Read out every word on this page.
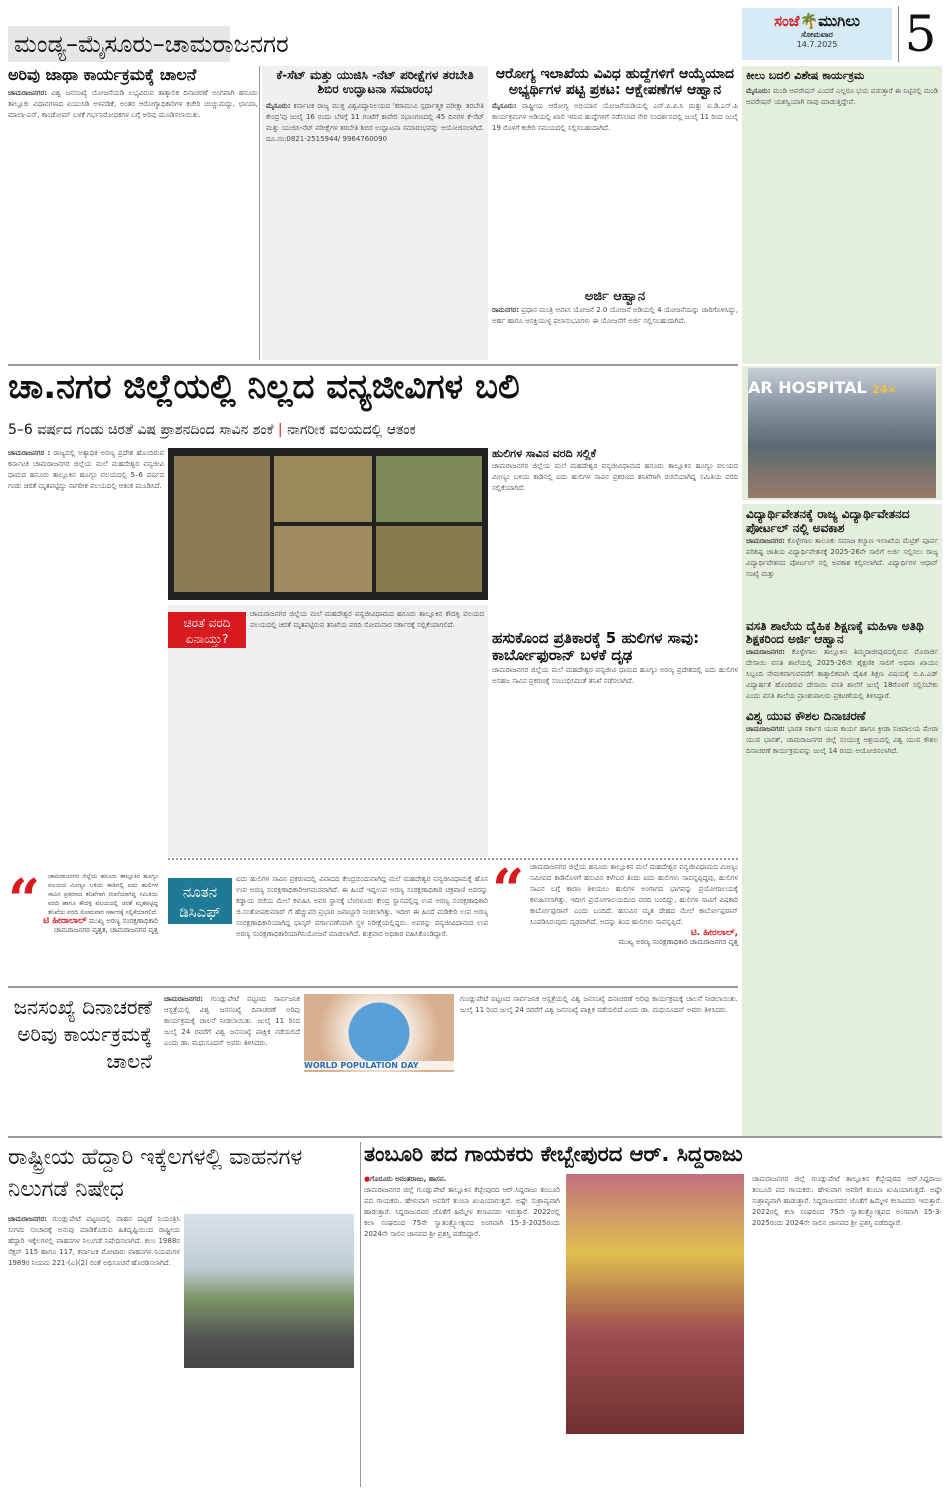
ಮಂಡ್ಯ–ಮೈಸೂರು–ಚಾಮರಾಜನಗರ
ಸಂಜೆ🌴ಮುಗಿಲು
ಸೋಮವಾರ
14.7.2025	5
ಅರಿವು ಜಾಥಾ ಕಾರ್ಯಕ್ರಮಕ್ಕೆ ಚಾಲನೆ
ಚಾಮರಾಜನಗರ: ವಿಶ್ವ ಜನಸಂಖ್ಯೆ ಯೋಜನೆಯಡಿ ಲಭ್ಯವಿರುವ ತಾತ್ಕಾಲಿಕ ದಿನಾಚರಣೆ ಅಂಗವಾಗಿ ಹನೂರು ತಾಲ್ಲೂಕು ವಿಧಾನಗಳಾದ ಐಯುಸಿಡಿ ಅಳವಡಿಕೆ, ಅಂತರ ಆರೋಗ್ಯಾಧಿಕಾರಿಗಳ ಕಚೇರಿ ಚುಚ್ಚುಮದ್ದು, ಛಾಯಾ, ಮಾಲಾ-ಎನ್, ಕಾಂಡೋಮ್ ಬಳಕೆ ಗರ್ಭನಿರೋಧಕಗಳ ಬಗ್ಗೆ ಅರಿವು ಮೂಡಿಸಲಾಯಿತು.
ಕೆ-ಸೆಟ್ ಮತ್ತು ಯುಜಿಸಿ -ನೆಟ್ ಪರೀಕ್ಷೆಗಳ ತರಬೇತಿ ಶಿಬಿರ ಉದ್ಘಾಟನಾ ಸಮಾರಂಭ
ಮೈಸೂರು: ಕರ್ನಾಟಕ ರಾಜ್ಯ ಮುಕ್ತ ವಿಶ್ವವಿದ್ಯಾನಿಲಯದ 'ಕರಾಮುವಿ ಸ್ಪರ್ಧಾತ್ಮಕ ಪರೀಕ್ಷಾ ತರಬೇತಿ ಕೇಂದ್ರ'ವು ಜುಲೈ 16 ರಂದು ಬೆಳಗ್ಗೆ 11 ಗಂಟೆಗೆ ಕಾವೇರಿ ಸಭಾಂಗಣದಲ್ಲಿ 45 ದಿನಗಳ ಕೆ-ಸೆಟ್ ಮತ್ತು ಯುಜಿಸಿ-ನೆಟ್ ಪರೀಕ್ಷೆಗಳ ತರಬೇತಿ ಶಿಬಿರ ಉದ್ಘಾಟನಾ ಸಮಾರಂಭವನ್ನು ಆಯೋಜಿಸಲಾಗಿದೆ. ದೂ.ಸಂ:0821-2515944/ 9964760090
ಆರೋಗ್ಯ ಇಲಾಖೆಯ ವಿವಿಧ ಹುದ್ದೆಗಳಿಗೆ ಆಯ್ಕೆಯಾದ ಅಭ್ಯರ್ಥಿಗಳ ಪಟ್ಟಿ ಪ್ರಕಟ: ಆಕ್ಷೇಪಣೆಗಳ ಆಹ್ವಾನ
ಮೈಸೂರು: ರಾಷ್ಟ್ರೀಯ ಆರೋಗ್ಯ ಅಭಿಯಾನ ಯೋಜನೆಯಡಿಯಲ್ಲಿ ಎನ್.ಪಿ.ಪಿ.ಸಿ ಮತ್ತು ಐ.ಡಿ.ಎಸ್.ಪಿ ಕಾರ್ಯಕ್ರಮಗಳ ಅಡಿಯಲ್ಲಿ ಖಾಲಿ ಇರುವ ಹುದ್ದೆಗಳಿಗೆ ನಡೆಸಲಾದ ನೇರ ಸಂದರ್ಶನದಲ್ಲಿ ಜುಲೈ 11 ರಿಂದ ಜುಲೈ 19 ರೊಳಗೆ ಕಚೇರಿ ಸಮಯದಲ್ಲಿ ಸಲ್ಲಿಸಬಹುದಾಗಿದೆ.
ಅರ್ಜಿ ಆಹ್ವಾನ
ರಾಮನಗರ: ಪ್ರಧಾನ ಮಂತ್ರಿ ಆವಾಸ ಯೋಜನೆ 2.0 ಯೋಜನೆ ಅಡಿಯಲ್ಲಿ 4 ಯೋಜನೆಯನ್ನು ಜಾರಿಗೊಳಿಸಿದ್ದು, ಅರ್ಹ ಹಾಗೂ ಆಸಕ್ತಿಯುಳ್ಳ ಫಲಾನುಭವಿಗಳು ಈ ಯೋಜನೆಗೆ ಅರ್ಜಿ ಸಲ್ಲಿಸಬಹುದಾಗಿದೆ.
ಕೀಲು ಬದಲಿ ವಿಶೇಷ ಕಾರ್ಯಕ್ರಮ
ಮೈಸೂರು: ಮಂಡಿ ಆಪರೇಷನ್ ಎಂದರೆ ಎಲ್ಲರೂ ಭಯ ಪಡುತ್ತಾರೆ ಈ ನಿಟ್ಟಿನಲ್ಲಿ ಮಂಡಿ ಆಪರೇಷನ್ ಯಶಸ್ವಿಯಾಗಿ ನಾವು ಮಾಡುತ್ತಿದ್ದೇವೆ.
ಚಾ.ನಗರ ಜಿಲ್ಲೆಯಲ್ಲಿ ನಿಲ್ಲದ ವನ್ಯಜೀವಿಗಳ ಬಲಿ
5–6 ವರ್ಷದ ಗಂಡು ಚಿರತೆ ವಿಷ ಪ್ರಾಶನದಿಂದ ಸಾವಿನ ಶಂಕೆ | ನಾಗರೀಕ ವಲಯದಲ್ಲಿ ಆತಂಕ
AR HOSPITAL 24×
ಚಾಮರಾಜನಗರ : ರಾಜ್ಯದಲ್ಲಿ ಅತ್ಯಾಧಿಕ ಅರಣ್ಯ ಪ್ರದೇಶ ಹೊಂದಿರುವ ಕರ್ನಾಟಕ ಚಾಮರಾಜನಗರ ಜಿಲ್ಲೆಯ ಮಲೆ ಮಹದೇಶ್ವರ ವನ್ಯಜೀವಿ ಧಾಮದ ಹನೂರು ತಾಲ್ಲೂಕಿನ ಹೂಗ್ಯಂ ವಲಯದಲ್ಲಿ 5–6 ವರ್ಷದ ಗಂಡು ಚಿರತೆ ಮೃತಪಟ್ಟಿದ್ದು ನಾಗರೀಕ ವಲಯದಲ್ಲಿ ಆತಂಕ ಮೂಡಿಸಿದೆ.
ಚಿರತೆ ವರದಿ ಏನಾಯ್ತು?
ಚಾಮರಾಜನಗರ ಜಿಲ್ಲೆಯ ಮಲೆ ಮಹದೇಶ್ವರ ವನ್ಯಜೀವಿಧಾಮದ ಹನೂರು ತಾಲ್ಲೂಕಿನ ಕೌದಳ್ಳಿ ವಲಯದ ವಲಯದಲ್ಲಿ ಚಿರತೆ ಮೃತಪಟ್ಟಿರುವ ತನಿಖೆಯ ವರದಿ ಸೋಮವಾರ ಸರ್ಕಾರಕ್ಕೆ ಸಲ್ಲಿಕೆಯಾಗಲಿದೆ.
ಹುಲಿಗಳ ಸಾವಿನ ವರದಿ ಸಲ್ಲಿಕೆ
ಚಾಮರಾಜನಗರ ಜಿಲ್ಲೆಯ ಮಲೆ ಮಹದೇಶ್ವರ ವನ್ಯಜೀವಿಧಾಮದ ಹನೂರು ತಾಲ್ಲೂಕಿನ ಹೂಗ್ಯಂ ವಲಯದ ಮೀಣ್ಯಂ ಬಳಿಯ ಕಾಡಿನಲ್ಲಿ ಐದು ಹುಲಿಗಳ ಸಾವಿನ ಪ್ರಕರಣದ ತನಿಖೆಗಾಗಿ ರಚನೆಯಾಗಿದ್ದ ಸಮಿತಿಯ ವರದಿ ಸಲ್ಲಿಕೆಯಾಗಿದೆ.
ಹಸುಕೊಂದ ಪ್ರತಿಕಾರಕ್ಕೆ 5 ಹುಲಿಗಳ ಸಾವು: ಕಾರ್ಬೋಫುರಾನ್ ಬಳಕೆ ದೃಢ
ಚಾಮರಾಜನಗರ ಜಿಲ್ಲೆಯ ಮಲೆ ಮಹದೇಶ್ವರ ವನ್ಯಜೀವಿ ಧಾಮದ ಹೂಗ್ಯಂ ಅರಣ್ಯ ಪ್ರದೇಶದಲ್ಲಿ ಐದು ಹುಲಿಗಳ ಅಸಹಜ ಸಾವಿನ ಪ್ರಕರಣಕ್ಕೆ ಸಂಬಂಧಿಸಿದಂತೆ ತನಿಖೆ ನಡೆಸಲಾಗಿದೆ.
“	ಚಾಮರಾಜನಗರ ಜಿಲ್ಲೆಯ ಹನೂರು ತಾಲ್ಲೂಕಿನ ಹೂಗ್ಯಂ ವಲಯದ ಮೀಣ್ಯಂ ಬಳಿಯ ಕಾಡಿನಲ್ಲಿ ಐದು ಹುಲಿಗಳ ಸಾವಿನ ಪ್ರಕರಣದ ತನಿಖೆಗಾಗಿ ರಚನೆಯಾಗಿದ್ದ ಸಮಿತಿಯ ವರದಿ ಹಾಗೂ ಕೌದಳ್ಳಿ ವಲಯದಲ್ಲಿ ಚಿರತೆ ಮೃತಪಟ್ಟಿದ್ದ ತನಿಖೆಯ ವರದಿ ಸೋಮವಾರ ಸರ್ಕಾರಕ್ಕೆ ಸಲ್ಲಿಕೆಯಾಗಲಿದೆ.
ಟಿ ಹೀರಾಲಾಲ್ ಮುಖ್ಯ ಅರಣ್ಯ ಸಂರಕ್ಷಣಾಧಿಕಾರಿ ಚಾಮರಾಜನಗರ ವೃತ್ತತ, ಚಾಮರಾಜನಗರ ವೃತ್ತ
ನೂತನ ಡಿಸಿಎಫ್
ಐದು ಹುಲಿಗಳ ಸಾವಿನ ಪ್ರಕರಣದಲ್ಲಿ ವಿವಾದದ ಕೇಂದ್ರಬಿಂದುವಾಗಿದ್ದ ಮಲೆ ಮಹದೇಶ್ವರ ವನ್ಯಜೀವಿಧಾಮಕ್ಕೆ ಹೊಸ ಉಪ ಅರಣ್ಯ ಸಂರಕ್ಷಣಾಧಿಕಾರಿಆಗಮನವಾಗಿದೆ. ಈ ಹಿಂದೆ ಇದ್ದಉಪ ಅರಣ್ಯ ಸಂರಕ್ಷಣಾಧಿಕಾರಿ ಚಕ್ರಪಾಣಿ ಅವರನ್ನು ಕಡ್ಡಾಯ ರಜೆಯ ಮೇಲೆ ಕಳುಹಿಸಿ ಅವರ ಸ್ಥಾನಕ್ಕೆ ಬೆಂಗಳೂರು ಕೇಂದ್ರ ಸ್ಥಾನದಲ್ಲಿದ್ದ ಉಪ ಅರಣ್ಯ ಸಂರಕ್ಷಣಾಧಿಕಾರಿ ಜಿ.ಸಂತೋಷಕುಮಾರ್ ಗೆ ಹೆಚ್ಚುವರಿ ಪ್ರಭಾರ ಜವಾಬ್ದಾರಿ ನೀಡಲಾಗಿತ್ತು. ಇದೀಗ ಈ ಹಿಂದೆ ಮಡಿಕೇರಿ ಉಪ ಅರಣ್ಯ ಸಂರಕ್ಷಣಾಧಿಕಾರಿಯಾಗಿದ್ದ ಭಾಸ್ಕರ್ ವರ್ಗಾವಣೆಯಾಗಿ ಸ್ಥಳ ನಿರೀಕ್ಷೆಯಲ್ಲಿದ್ದರು. ಅವರನ್ನು ವನ್ಯಜೀವಿಧಾಮದ ಉಪ ಅರಣ್ಯ ಸಂರಕ್ಷಣಾಧಿಕಾರಿಯಾಗಿನಿಯೋಜನೆ ಮಾಡಲಾಗಿದೆ. ಶುಕ್ರವಾರ ಅಧಿಕಾರ ವಹಿಸಿಕೊಂಡಿದ್ದಾರೆ.
“ ಚಾಮರಾಜನಗರ ಜಿಲ್ಲೆಯ ಹನೂರು ತಾಲ್ಲೂಕಿನ ಮಲೆ ಮಹದೇಶ್ವರ ವನ್ಯಜೀವಿಧಾಮದ ಮೀಣ್ಯಂ ಸಮೀಪದ ಕಾಡಿನೊಳಗೆ ಹಸುವಿನ ಕಳೇಬರ ತಿಂದು ಐದು ಹುಲಿಗಳು ಸಾವನ್ನಪ್ಪಿದ್ದವು, ಹುಲಿಗಳ ಸಾವಿನ ಬಗ್ಗೆ ಕಾರಣ ತಿಳಿಯಲು ಹುಲಿಗಳ ಅಂಗಾಗದ ಭಾಗವನ್ನು ಪ್ರಯೋಗಾಲಯಕ್ಕೆ ಕಳುಹಿಸಲಾಗಿತ್ತು. ಇದೀಗ ಪ್ರಯೋಗಾಲಯದಿಂದ ವರದಿ ಬಂದಿದ್ದು, ಹುಲಿಗಳ ಸಾವಿಗೆ ವಿಷಕಾರಿ ಕಾರ್ಬೋಫುರಾನ್ ಎಂದು ಬಂದಿದೆ. ಹಸುವಿನ ಮೃತ ದೇಹದ ಮೇಲೆ ಕಾರ್ಬೋಫುರಾನ್ ಸಿಂಪಡಿಸಿರುವುದು ದೃಢವಾಗಿದೆ. ಅದನ್ನು ತಿಂದ ಹುಲಿಗಳು ಸಾವನ್ನಪ್ಪಿದೆ.
ಟಿ. ಹೀರಲಾಲ್,
ಮುಖ್ಯ ಅರಣ್ಯ ಸಂರಕ್ಷಣಾಧಿಕಾರಿ ಚಾಮರಾಜನಗರ ವೃತ್ತ
ವಿದ್ಯಾರ್ಥಿವೇತನಕ್ಕೆ ರಾಜ್ಯ ವಿದ್ಯಾರ್ಥಿವೇತನದ ಪೋರ್ಟಲ್ ನಲ್ಲಿ ಅವಕಾಶ
ಚಾಮರಾಜನಗರ: ಕೊಳ್ಳೇಗಾಲ ತಾಲೂಕು ಸಮಾಜ ಕಲ್ಯಾಣ ಇಲಾಖೆಯ ಮೆಟ್ರಿಕ್ ಪೂರ್ವ ಪರಿಶಿಷ್ಟ ಜಾತಿಯ ವಿದ್ಯಾರ್ಥಿವೇತನಕ್ಕೆ 2025-26ನೇ ಸಾಲಿಗೆ ಅರ್ಜಿ ಸಲ್ಲಿಸಲು ರಾಜ್ಯ ವಿದ್ಯಾರ್ಥಿವೇತನದ ಪೋರ್ಟಲ್ ನಲ್ಲಿ ಅವಕಾಶ ಕಲ್ಪಿಸಲಾಗಿದೆ. ವಿದ್ಯಾರ್ಥಿಗಳ ಆಧಾರ್ ಸಂಖ್ಯೆ ಮತ್ತು
ವಸತಿ ಶಾಲೆಯ ದೈಹಿಕ ಶಿಕ್ಷಣಕ್ಕೆ ಮಹಿಳಾ ಅತಿಥಿ ಶಿಕ್ಷಕರಿಂದ ಅರ್ಜಿ ಆಹ್ವಾನ
ಚಾಮರಾಜನಗರ: ಕೊಳ್ಳೇಗಾಲ ತಾಲ್ಲೂಕಿನ ತಿಮ್ಮರಾಜೀಪುರದಲ್ಲಿರುವ ಮೊರಾರ್ಜಿ ದೇಸಾಯಿ ವಸತಿ ಶಾಲೆಯಲ್ಲಿ 2025-26ನೇ ಶೈಕ್ಷಣಿಕ ಸಾಲಿಗೆ ಅಥವಾ ಖಾಯಂ ಸಿಬ್ಬಂದಿ ನೇಮಕವಾಗುವವರೆಗೆ ತಾತ್ಕಾಲಿಕವಾಗಿ ದೈಹಿಕ ಶಿಕ್ಷಣ ವಿಷಯಕ್ಕೆ ಬಿ.ಪಿ.ಎಡ್ ವಿದ್ಯಾರ್ಹತೆ ಹೊಂದಿರುವ ದೇಸಾಯಿ ವಸತಿ ಶಾಲೆಗೆ ಜುಲೈ 18ರೊಳಗೆ ಸಲ್ಲಿಸಬೇಕು ಎಂದು ವಸತಿ ಶಾಲೆಯ ಪ್ರಾಂಶುಪಾಲರು ಪ್ರಕಟಣೆಯಲ್ಲಿ ತಿಳಿಸಿದ್ದಾರೆ.
ವಿಶ್ವ ಯುವ ಕೌಶಲ ದಿನಾಚರಣೆ
ಚಾಮರಾಜನಗರ: ಭಾರತ ಸರ್ಕಾರ ಯುವ ಕಾರ್ಯ ಹಾಗೂ ಕ್ರೀಡಾ ಸಚಿವಾಲಯ ಮೇರಾ ಯುವ ಭಾರತ್, ಚಾಮರಾಜನಗರ ಜಿಲ್ಲೆ ಸಂಯುಕ್ತ ಆಶ್ರಯದಲ್ಲಿ ವಿಶ್ವ ಯುವ ಕೌಶಲ ದಿನಾಚರಣೆ ಕಾರ್ಯಕ್ರಮವನ್ನು ಜುಲೈ 14 ರಂದು ಆಯೋಜಿಸಲಾಗಿದೆ.
ಜನಸಂಖ್ಯೆ ದಿನಾಚರಣೆ ಅರಿವು ಕಾರ್ಯಕ್ರಮಕ್ಕೆ ಚಾಲನೆ
ಚಾಮರಾಜನಗರ: ಗುಂಡ್ಲುಪೇಟೆ ಪಟ್ಟಣದ ಸಾರ್ವಜನಿಕ ಆಸ್ಪತ್ರೆಯಲ್ಲಿ ವಿಶ್ವ ಜನಸಂಖ್ಯೆ ದಿನಾಚರಣೆ ಅರಿವು ಕಾರ್ಯಕ್ರಮಕ್ಕೆ ಚಾಲನೆ ನೀಡಲಾಯಿತು. ಜುಲೈ 11 ರಿಂದ ಜುಲೈ 24 ರವರೆಗೆ ವಿಶ್ವ ಜನಸಂಖ್ಯೆ ಪಾಕ್ಷಿಕ ನಡೆಯಲಿದೆ ಎಂದು ಡಾ. ಮಧುಸೂದನ್ ಅವರು ತಿಳಿಸಿದರು.
WORLD POPULATION DAY
ಗುಂಡ್ಲುಪೇಟೆ ಪಟ್ಟಣದ ಸಾರ್ವಜನಿಕ ಆಸ್ಪತ್ರೆಯಲ್ಲಿ ವಿಶ್ವ ಜನಸಂಖ್ಯೆ ದಿನಾಚರಣೆ ಅರಿವು ಕಾರ್ಯಕ್ರಮಕ್ಕೆ ಚಾಲನೆ ನೀಡಲಾಯಿತು. ಜುಲೈ 11 ರಿಂದ ಜುಲೈ 24 ರವರೆಗೆ ವಿಶ್ವ ಜನಸಂಖ್ಯೆ ಪಾಕ್ಷಿಕ ನಡೆಯಲಿದೆ ಎಂದು ಡಾ. ಮಧುಸೂದನ್ ಅವರು ತಿಳಿಸಿದರು.
ರಾಷ್ಟ್ರೀಯ ಹೆದ್ದಾರಿ ಇಕ್ಕೆಲಗಳಲ್ಲಿ ವಾಹನಗಳ ನಿಲುಗಡೆ ನಿಷೇಧ
ಚಾಮರಾಜನಗರ: ಗುಂಡ್ಲುಪೇಟೆ ಪಟ್ಟಣದಲ್ಲಿ ವಾಹನ ದಟ್ಟಣೆ ನಿಯಂತ್ರಿಸಿ ಸುಗಮ ಸಂಚಾರಕ್ಕೆ ಅನುವು ಮಾಡಿಕೊಡುವ ಹಿತದೃಷ್ಟಿಯಿಂದ ರಾಷ್ಟ್ರೀಯ ಹೆದ್ದಾರಿ ಇಕ್ಕೆಲಗಳಲ್ಲಿ ವಾಹನಗಳ ನಿಲುಗಡೆ ನಿಷೇಧಿಸಲಾಗಿದೆ. ಕಲಂ 1988ರ ಸೆಕ್ಷನ್ 115 ಹಾಗೂ 117, ಕರ್ನಾಟಕ ಮೋಟಾರು ವಾಹನಗಳ ನಿಯಮಗಳ 1989ರ ನಿಯಮ 221-(ಎ)(2) ರಂತೆ ಅಧಿಸೂಚನೆ ಹೊರಡಿಸಲಾಗಿದೆ.
ತಂಬೂರಿ ಪದ ಗಾಯಕರು ಕೇಬ್ಬೇಪುರದ ಆರ್. ಸಿದ್ದರಾಜು
●ಗೊರೂರು ಅನಂತರಾಜು, ಹಾಸನ.
ಚಾಮರಾಜನಗರ ಜಿಲ್ಲೆ ಗುಂಡ್ಲುಪೇಟೆ ತಾಲ್ಲೂಕಿನ ಕೆಬ್ಬೇಪುರದ ಆರ್.ಸಿದ್ದರಾಜು ತಂಬೂರಿ ಪದ ಗಾಯಕರು. ಹೇಳುವಾಗ ಅವರಿಗೆ ತುಂಬಾ ಖುಷಿಯಾಗುತ್ತದೆ. ಅಷ್ಟೇ ಸುಶ್ರಾವ್ಯವಾಗಿ ಹಾಡುತ್ತಾರೆ. ಸಿದ್ದರಾಜುರವರ ಜೊತೆಗೆ ಹಿಮ್ಮೇಳ ಕಲಾವಿದರು ಇರುತ್ತಾರೆ. 2022ರಲ್ಲಿ ಕಲಾ ಸಂಘದಿಂದ 75ನೇ ಸ್ವಾತಂತ್ರ್ಯೋತ್ಸವದ ಅಂಗವಾಗಿ 15-3-2025ರಂದು 2024ನೇ ಸಾಲಿನ ಜಾನಪದ ಶ್ರೀ ಪ್ರಶಸ್ತಿ ಪಡೆದಿದ್ದಾರೆ.
ಚಾಮರಾಜನಗರ ಜಿಲ್ಲೆ ಗುಂಡ್ಲುಪೇಟೆ ತಾಲ್ಲೂಕಿನ ಕೆಬ್ಬೇಪುರದ ಆರ್.ಸಿದ್ದರಾಜು ತಂಬೂರಿ ಪದ ಗಾಯಕರು. ಹೇಳುವಾಗ ಅವರಿಗೆ ತುಂಬಾ ಖುಷಿಯಾಗುತ್ತದೆ. ಅಷ್ಟೇ ಸುಶ್ರಾವ್ಯವಾಗಿ ಹಾಡುತ್ತಾರೆ. ಸಿದ್ದರಾಜುರವರ ಜೊತೆಗೆ ಹಿಮ್ಮೇಳ ಕಲಾವಿದರು ಇರುತ್ತಾರೆ. 2022ರಲ್ಲಿ ಕಲಾ ಸಂಘದಿಂದ 75ನೇ ಸ್ವಾತಂತ್ರ್ಯೋತ್ಸವದ ಅಂಗವಾಗಿ 15-3-2025ರಂದು 2024ನೇ ಸಾಲಿನ ಜಾನಪದ ಶ್ರೀ ಪ್ರಶಸ್ತಿ ಪಡೆದಿದ್ದಾರೆ.
